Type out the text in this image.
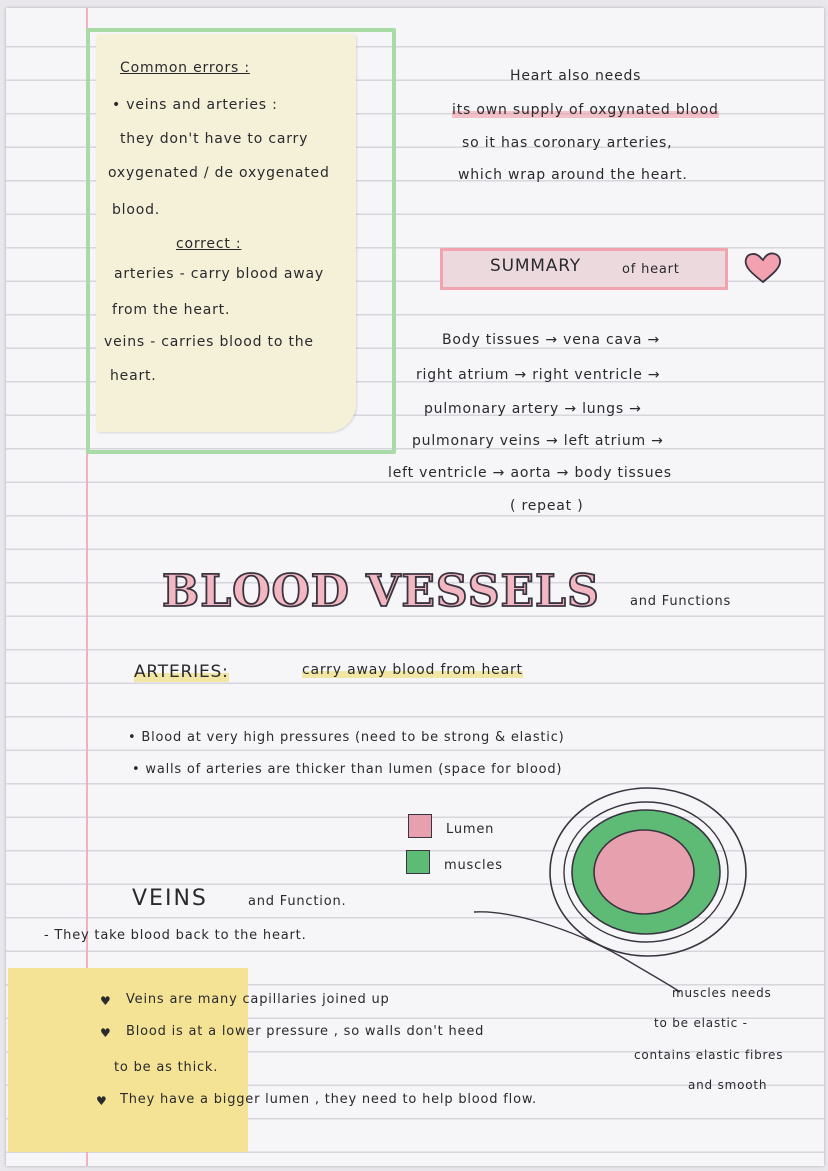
Common errors :
• veins and arteries :
they don't have to carry
oxygenated / de oxygenated
blood.
correct :
arteries - carry blood away
from the heart.
veins - carries blood to the
heart.
Heart also needs
its own supply of oxgynated blood
so it has coronary arteries,
which wrap around the heart.
SUMMARY	of heart
Body tissues → vena cava →
right atrium → right ventricle →
pulmonary artery → lungs →
pulmonary veins → left atrium →
left ventricle → aorta → body tissues
( repeat )
BLOOD VESSELS and Functions
ARTERIES:	carry away blood from heart
• Blood at very high pressures (need to be strong & elastic)
• walls of arteries are thicker than lumen (space for blood)
Lumen
muscles
VEINS	and Function.
- They take blood back to the heart.
♥ Veins are many capillaries joined up
♥ Blood is at a lower pressure , so walls don't heed
to be as thick.
♥ They have a bigger lumen , they need to help blood flow.
muscles needs
to be elastic -
contains elastic fibres
and smooth
